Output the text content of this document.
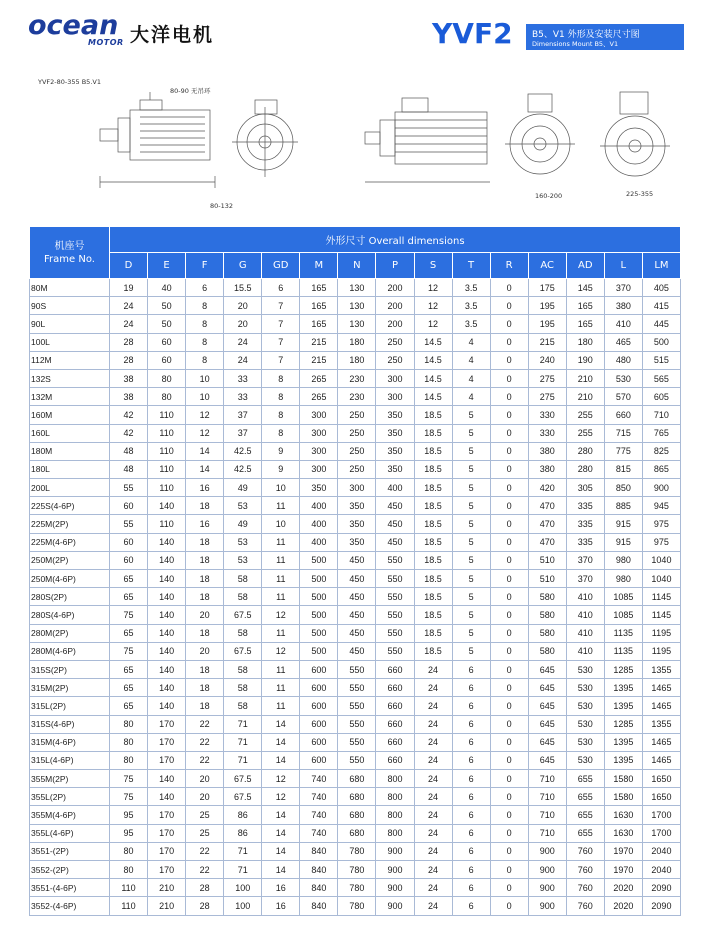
ocean
MOTOR 大洋电机	YVF2 B5、V1 外形及安装尺寸图
Dimensions Mount B5、V1
YVF2-80-355 B5.V1
80-90 无吊环
80-132
160-200	225-355
机座号
Frame No.	外形尺寸 Overall dimensions														
	D	E	F	G	GD	M	N	P	S	T	R	AC	AD	L	LM
80M	19	40	6	15.5	6	165	130	200	12	3.5	0	175	145	370	405
90S	24	50	8	20	7	165	130	200	12	3.5	0	195	165	380	415
90L	24	50	8	20	7	165	130	200	12	3.5	0	195	165	410	445
100L	28	60	8	24	7	215	180	250	14.5	4	0	215	180	465	500
112M	28	60	8	24	7	215	180	250	14.5	4	0	240	190	480	515
132S	38	80	10	33	8	265	230	300	14.5	4	0	275	210	530	565
132M	38	80	10	33	8	265	230	300	14.5	4	0	275	210	570	605
160M	42	110	12	37	8	300	250	350	18.5	5	0	330	255	660	710
160L	42	110	12	37	8	300	250	350	18.5	5	0	330	255	715	765
180M	48	110	14	42.5	9	300	250	350	18.5	5	0	380	280	775	825
180L	48	110	14	42.5	9	300	250	350	18.5	5	0	380	280	815	865
200L	55	110	16	49	10	350	300	400	18.5	5	0	420	305	850	900
225S(4-6P)	60	140	18	53	11	400	350	450	18.5	5	0	470	335	885	945
225M(2P)	55	110	16	49	10	400	350	450	18.5	5	0	470	335	915	975
225M(4-6P)	60	140	18	53	11	400	350	450	18.5	5	0	470	335	915	975
250M(2P)	60	140	18	53	11	500	450	550	18.5	5	0	510	370	980	1040
250M(4-6P)	65	140	18	58	11	500	450	550	18.5	5	0	510	370	980	1040
280S(2P)	65	140	18	58	11	500	450	550	18.5	5	0	580	410	1085	1145
280S(4-6P)	75	140	20	67.5	12	500	450	550	18.5	5	0	580	410	1085	1145
280M(2P)	65	140	18	58	11	500	450	550	18.5	5	0	580	410	1135	1195
280M(4-6P)	75	140	20	67.5	12	500	450	550	18.5	5	0	580	410	1135	1195
315S(2P)	65	140	18	58	11	600	550	660	24	6	0	645	530	1285	1355
315M(2P)	65	140	18	58	11	600	550	660	24	6	0	645	530	1395	1465
315L(2P)	65	140	18	58	11	600	550	660	24	6	0	645	530	1395	1465
315S(4-6P)	80	170	22	71	14	600	550	660	24	6	0	645	530	1285	1355
315M(4-6P)	80	170	22	71	14	600	550	660	24	6	0	645	530	1395	1465
315L(4-6P)	80	170	22	71	14	600	550	660	24	6	0	645	530	1395	1465
355M(2P)	75	140	20	67.5	12	740	680	800	24	6	0	710	655	1580	1650
355L(2P)	75	140	20	67.5	12	740	680	800	24	6	0	710	655	1580	1650
355M(4-6P)	95	170	25	86	14	740	680	800	24	6	0	710	655	1630	1700
355L(4-6P)	95	170	25	86	14	740	680	800	24	6	0	710	655	1630	1700
3551-(2P)	80	170	22	71	14	840	780	900	24	6	0	900	760	1970	2040
3552-(2P)	80	170	22	71	14	840	780	900	24	6	0	900	760	1970	2040
3551-(4-6P)	110	210	28	100	16	840	780	900	24	6	0	900	760	2020	2090
3552-(4-6P)	110	210	28	100	16	840	780	900	24	6	0	900	760	2020	2090
